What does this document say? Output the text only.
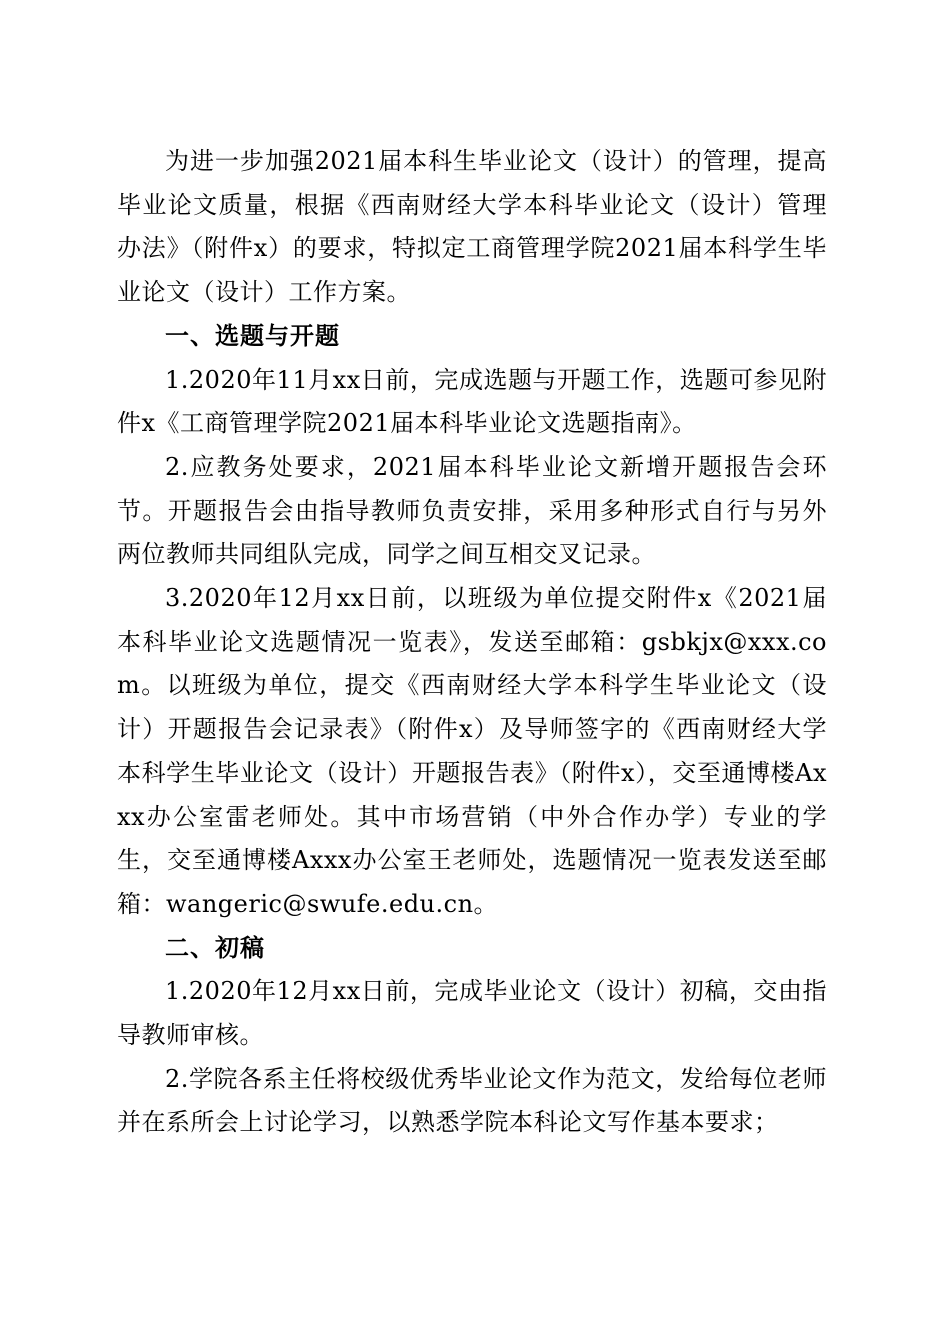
为进一步加强2021届本科生毕业论文（设计）的管理，提高毕业论文质量，根据《西南财经大学本科毕业论文（设计）管理办法》（附件x）的要求，特拟定工商管理学院2021届本科学生毕业论文（设计）工作方案。

一、选题与开题

1.2020年11月xx日前，完成选题与开题工作，选题可参见附件x《工商管理学院2021届本科毕业论文选题指南》。

2.应教务处要求，2021届本科毕业论文新增开题报告会环节。开题报告会由指导教师负责安排，采用多种形式自行与另外两位教师共同组队完成，同学之间互相交叉记录。

3.2020年12月xx日前，以班级为单位提交附件x《2021届本科毕业论文选题情况一览表》，发送至邮箱：gsbkjx@xxx.com。以班级为单位，提交《西南财经大学本科学生毕业论文（设计）开题报告会记录表》（附件x）及导师签字的《西南财经大学本科学生毕业论文（设计）开题报告表》（附件x），交至通博楼Axxx办公室雷老师处。其中市场营销（中外合作办学）专业的学生，交至通博楼Axxx办公室王老师处，选题情况一览表发送至邮箱：wangeric@swufe.edu.cn。

二、初稿

1.2020年12月xx日前，完成毕业论文（设计）初稿，交由指导教师审核。

2.学院各系主任将校级优秀毕业论文作为范文，发给每位老师并在系所会上讨论学习，以熟悉学院本科论文写作基本要求；
